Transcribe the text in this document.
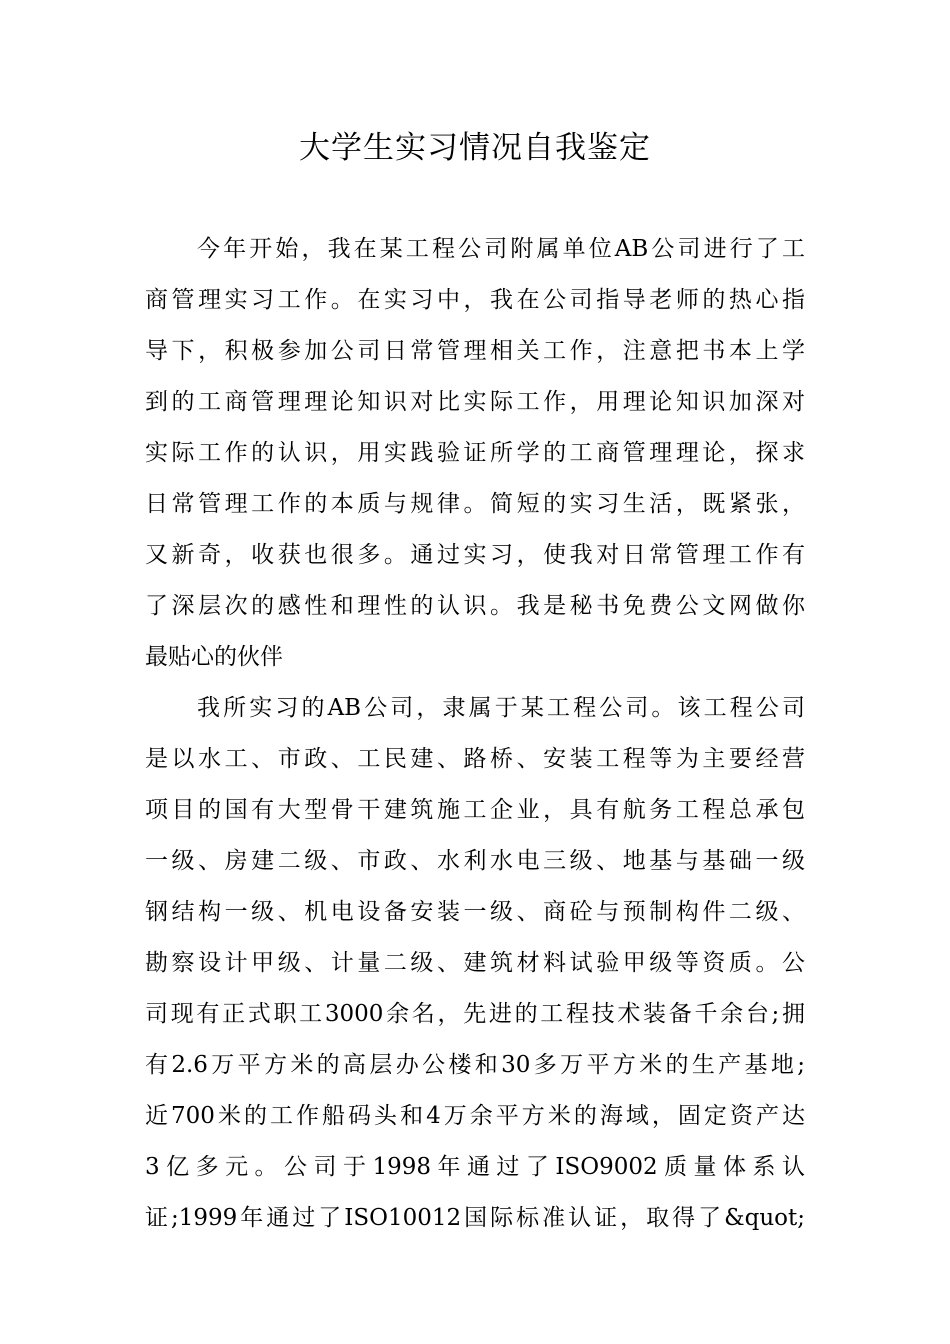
大学生实习情况自我鉴定
今年开始，我在某工程公司附属单位AB公司进行了工
商管理实习工作。在实习中，我在公司指导老师的热心指
导下，积极参加公司日常管理相关工作，注意把书本上学
到的工商管理理论知识对比实际工作，用理论知识加深对
实际工作的认识，用实践验证所学的工商管理理论，探求
日常管理工作的本质与规律。简短的实习生活，既紧张，
又新奇，收获也很多。通过实习，使我对日常管理工作有
了深层次的感性和理性的认识。我是秘书免费公文网做你
最贴心的伙伴
我所实习的AB公司，隶属于某工程公司。该工程公司
是以水工、市政、工民建、路桥、安装工程等为主要经营
项目的国有大型骨干建筑施工企业，具有航务工程总承包
一级、房建二级、市政、水利水电三级、地基与基础一级
钢结构一级、机电设备安装一级、商砼与预制构件二级、
勘察设计甲级、计量二级、建筑材料试验甲级等资质。公
司现有正式职工3000余名，先进的工程技术装备千余台;拥
有2.6万平方米的高层办公楼和30多万平方米的生产基地;
近700米的工作船码头和4万余平方米的海域，固定资产达
3亿多元。公司于1998年通过了ISO9002质量体系认
证;1999年通过了ISO10012国际标准认证，取得了&quot;
